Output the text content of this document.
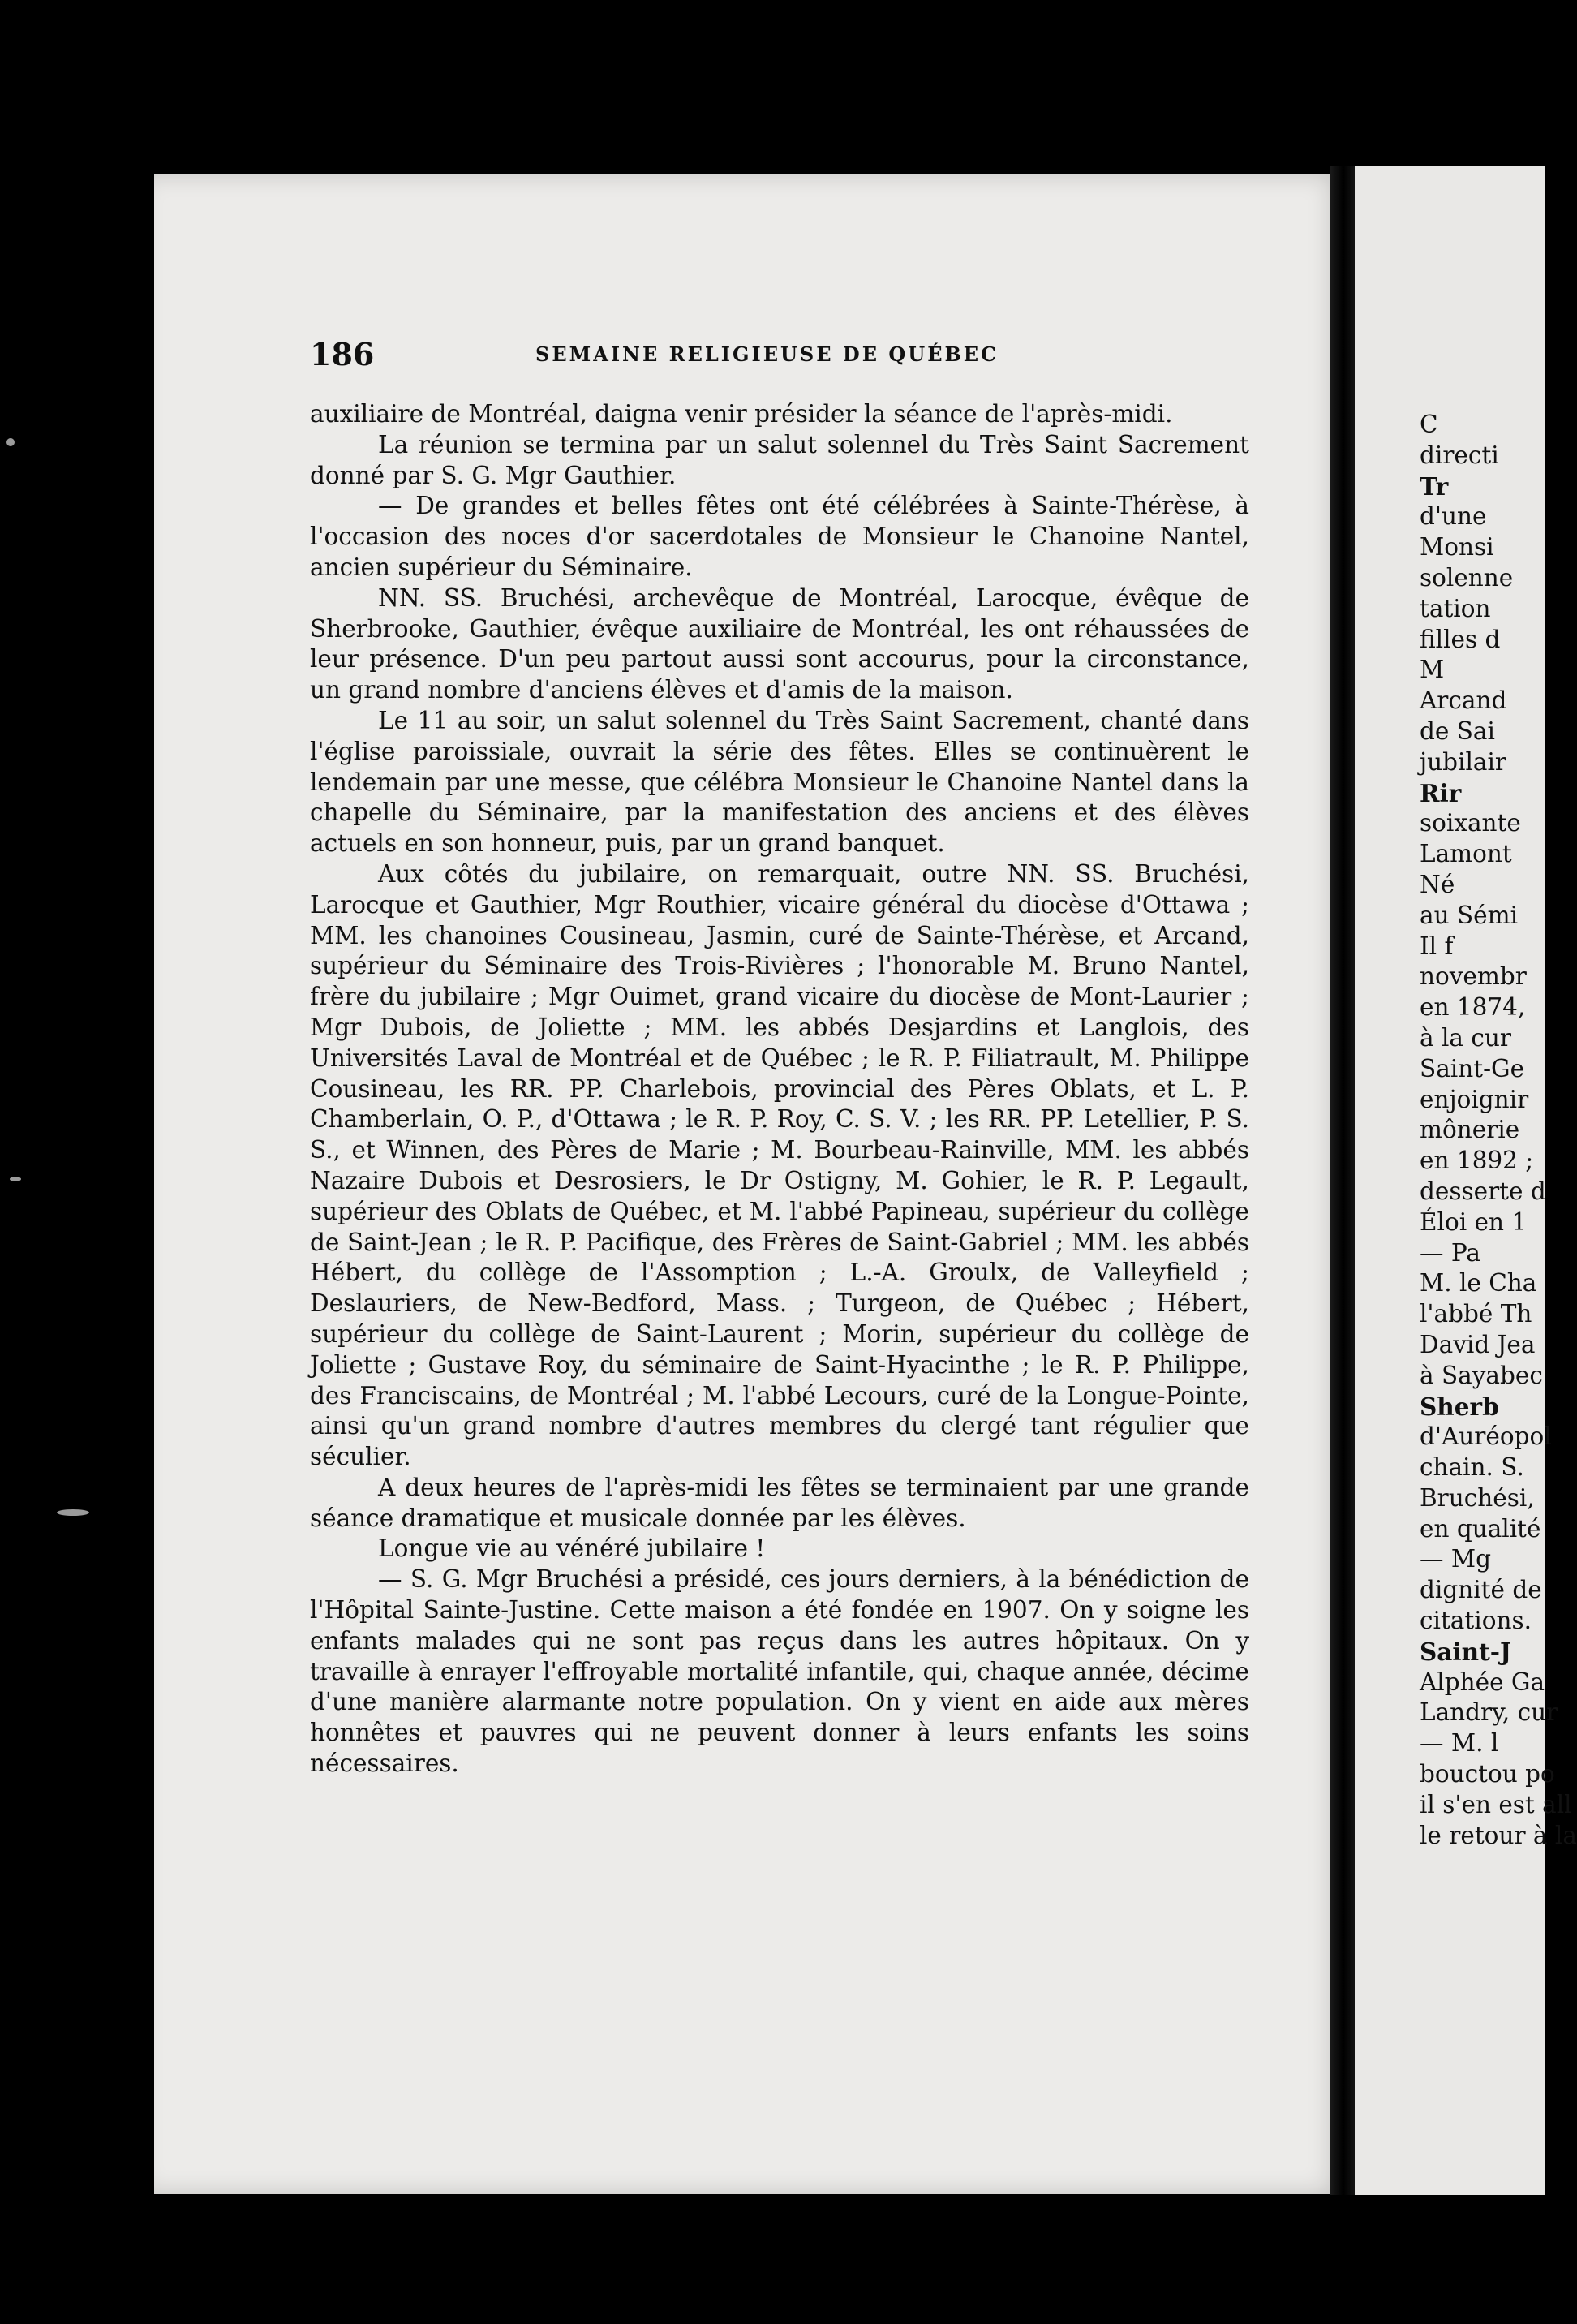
186	SEMAINE RELIGIEUSE DE QUÉBEC

auxiliaire de Montréal, daigna venir présider la séance de l'après-midi.

La réunion se termina par un salut solennel du Très Saint Sacrement donné par S. G. Mgr Gauthier.

— De grandes et belles fêtes ont été célébrées à Sainte-Thérèse, à l'occasion des noces d'or sacerdotales de Monsieur le Chanoine Nantel, ancien supérieur du Séminaire.

NN. SS. Bruchési, archevêque de Montréal, Larocque, évêque de Sherbrooke, Gauthier, évêque auxiliaire de Montréal, les ont réhaussées de leur présence. D'un peu partout aussi sont accourus, pour la circonstance, un grand nombre d'anciens élèves et d'amis de la maison.

Le 11 au soir, un salut solennel du Très Saint Sacrement, chanté dans l'église paroissiale, ouvrait la série des fêtes. Elles se continuèrent le lendemain par une messe, que célébra Monsieur le Chanoine Nantel dans la chapelle du Séminaire, par la manifestation des anciens et des élèves actuels en son honneur, puis, par un grand banquet.

Aux côtés du jubilaire, on remarquait, outre NN. SS. Bruchési, Larocque et Gauthier, Mgr Routhier, vicaire général du diocèse d'Ottawa ; MM. les chanoines Cousineau, Jasmin, curé de Sainte-Thérèse, et Arcand, supérieur du Séminaire des Trois-Rivières ; l'honorable M. Bruno Nantel, frère du jubilaire ; Mgr Ouimet, grand vicaire du diocèse de Mont-Laurier ; Mgr Dubois, de Joliette ; MM. les abbés Desjardins et Langlois, des Universités Laval de Montréal et de Québec ; le R. P. Filiatrault, M. Philippe Cousineau, les RR. PP. Charlebois, provincial des Pères Oblats, et L. P. Chamberlain, O. P., d'Ottawa ; le R. P. Roy, C. S. V. ; les RR. PP. Letellier, P. S. S., et Winnen, des Pères de Marie ; M. Bourbeau-Rainville, MM. les abbés Nazaire Dubois et Desrosiers, le Dr Ostigny, M. Gohier, le R. P. Legault, supérieur des Oblats de Québec, et M. l'abbé Papineau, supérieur du collège de Saint-Jean ; le R. P. Pacifique, des Frères de Saint-Gabriel ; MM. les abbés Hébert, du collège de l'Assomption ; L.-A. Groulx, de Valleyfield ; Deslauriers, de New-Bedford, Mass. ; Turgeon, de Québec ; Hébert, supérieur du collège de Saint-Laurent ; Morin, supérieur du collège de Joliette ; Gustave Roy, du séminaire de Saint-Hyacinthe ; le R. P. Philippe, des Franciscains, de Montréal ; M. l'abbé Lecours, curé de la Longue-Pointe, ainsi qu'un grand nombre d'autres membres du clergé tant régulier que séculier.

A deux heures de l'après-midi les fêtes se terminaient par une grande séance dramatique et musicale donnée par les élèves.

Longue vie au vénéré jubilaire !

— S. G. Mgr Bruchési a présidé, ces jours derniers, à la bénédiction de l'Hôpital Sainte-Justine. Cette maison a été fondée en 1907. On y soigne les enfants malades qui ne sont pas reçus dans les autres hôpitaux. On y travaille à enrayer l'effroyable mortalité infantile, qui, chaque année, décime d'une manière alarmante notre population. On y vient en aide aux mères honnêtes et pauvres qui ne peuvent donner à leurs enfants les soins nécessaires.

C
directi
Tr
d'une
Monsi
solenne
tation
filles d
M
Arcand
de Sai
jubilair
Rir
soixante
Lamont
Né
au Sémi
Il f
novembr
en 1874,
à la cur
Saint-Ge
enjoignir
mônerie
en 1892 ;
desserte d
Éloi en 1
— Pa
M. le Cha
l'abbé Th
David Jea
à Sayabec
Sherb
d'Auréopol
chain. S.
Bruchési,
en qualité
— Mg
dignité de
citations.
Saint-J
Alphée Ga
Landry, cur
— M. l
bouctou po
il s'en est all
le retour à la
